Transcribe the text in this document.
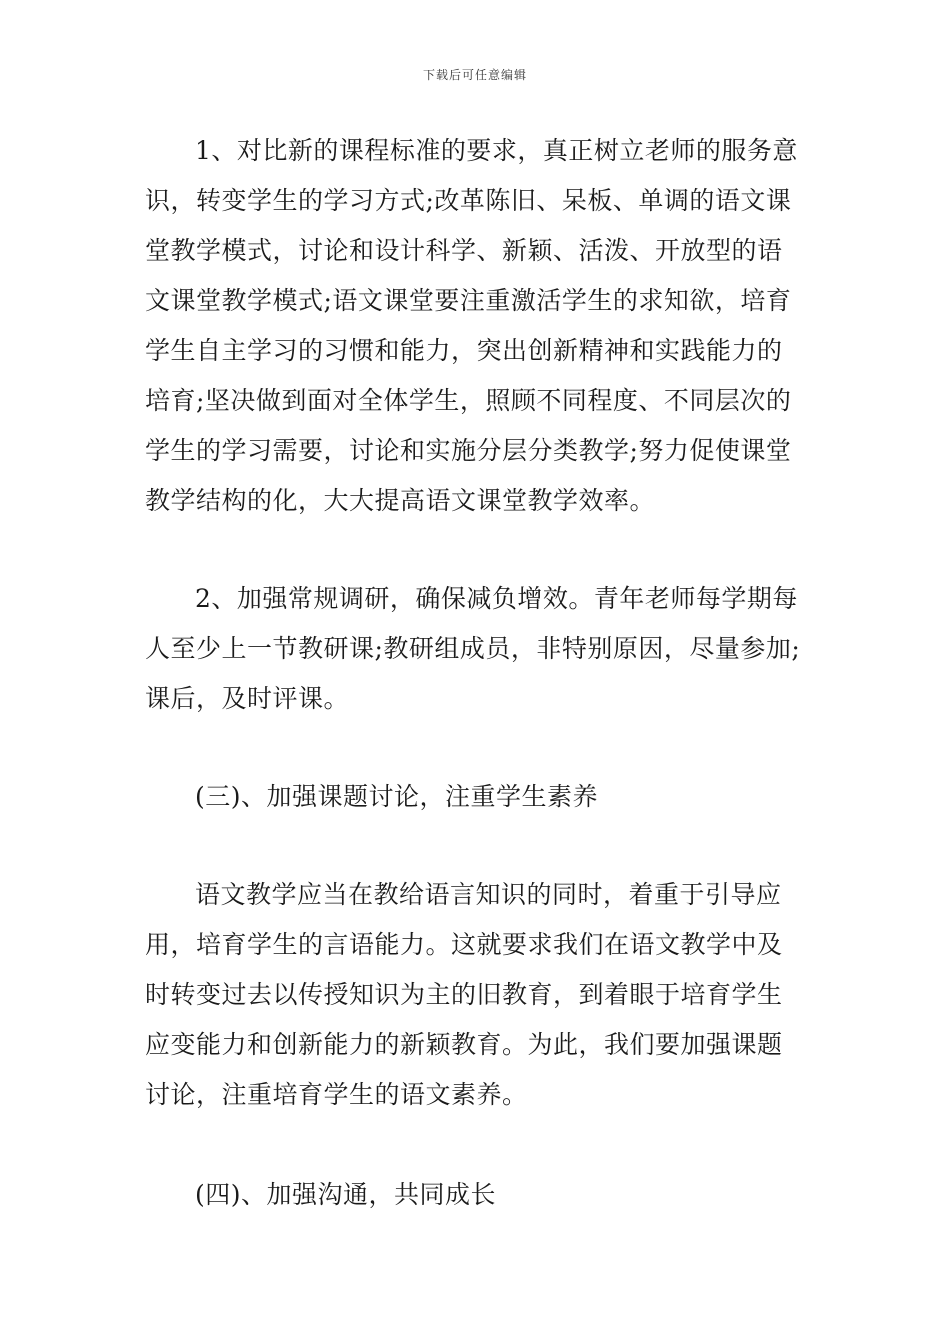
下载后可任意编辑
1、对比新的课程标准的要求，真正树立老师的服务意
识，转变学生的学习方式;改革陈旧、呆板、单调的语文课
堂教学模式，讨论和设计科学、新颖、活泼、开放型的语
文课堂教学模式;语文课堂要注重激活学生的求知欲，培育
学生自主学习的习惯和能力，突出创新精神和实践能力的
培育;坚决做到面对全体学生，照顾不同程度、不同层次的
学生的学习需要，讨论和实施分层分类教学;努力促使课堂
教学结构的化，大大提高语文课堂教学效率。
2、加强常规调研，确保减负增效。青年老师每学期每
人至少上一节教研课;教研组成员，非特别原因，尽量参加;
课后，及时评课。
(三)、加强课题讨论，注重学生素养
语文教学应当在教给语言知识的同时，着重于引导应
用，培育学生的言语能力。这就要求我们在语文教学中及
时转变过去以传授知识为主的旧教育，到着眼于培育学生
应变能力和创新能力的新颖教育。为此，我们要加强课题
讨论，注重培育学生的语文素养。
(四)、加强沟通，共同成长
